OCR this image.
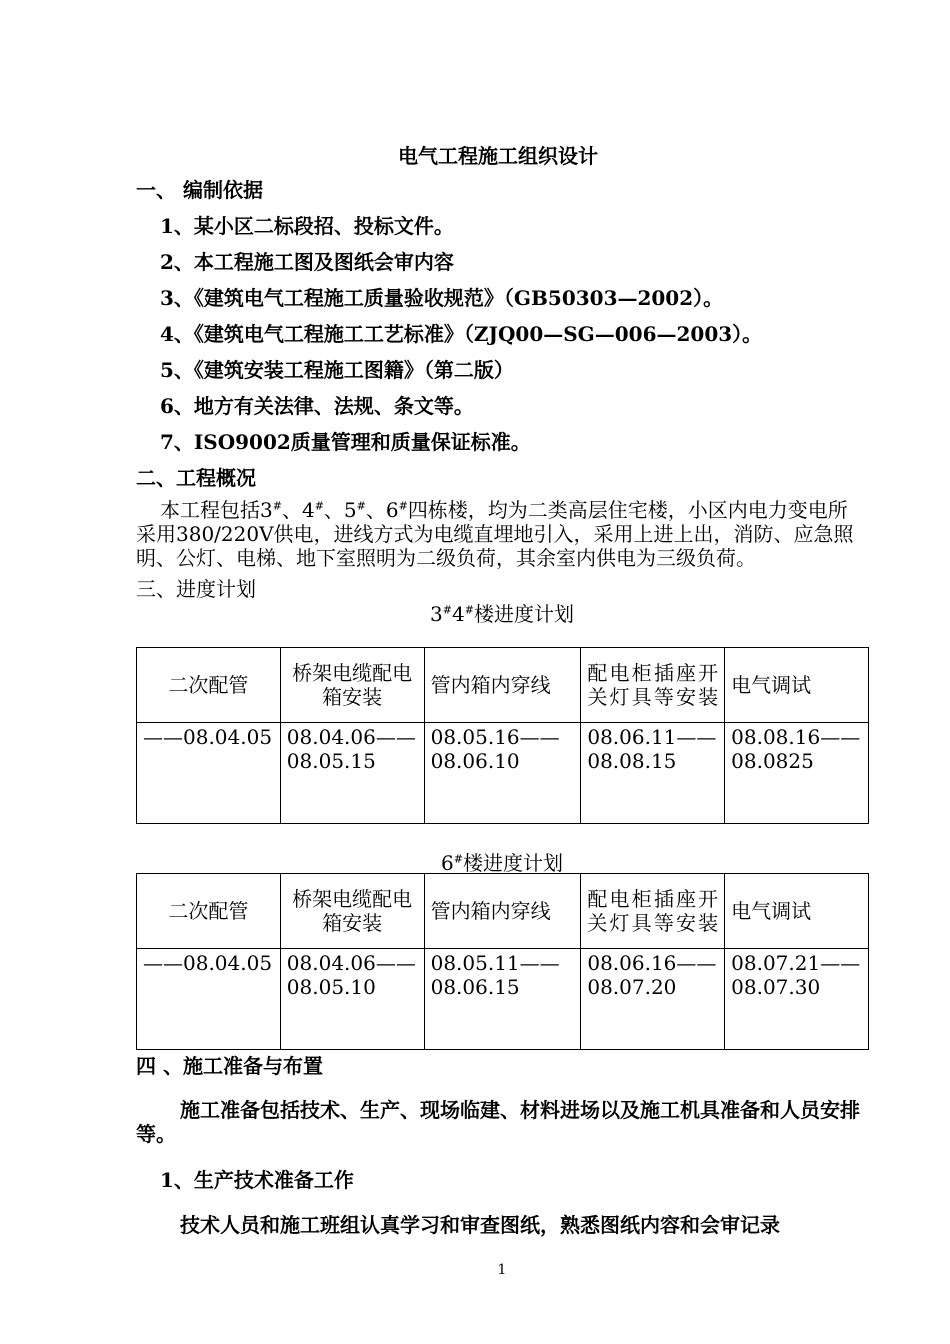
电气工程施工组织设计
一、 编制依据
1、某小区二标段招、投标文件。
2、本工程施工图及图纸会审内容
3、《建筑电气工程施工质量验收规范》（GB50303—2002）。
4、《建筑电气工程施工工艺标准》（ZJQ00—SG—006—2003）。
5、《建筑安装工程施工图籍》（第二版）
6、地方有关法律、法规、条文等。
7、ISO9002质量管理和质量保证标准。
二、工程概况
本工程包括3#、4#、5#、6#四栋楼，均为二类高层住宅楼，小区内电力变电所采用380/220V供电，进线方式为电缆直埋地引入，采用上进上出，消防、应急照明、公灯、电梯、地下室照明为二级负荷，其余室内供电为三级负荷。
三、进度计划
3#4#楼进度计划
二次配管	桥架电缆配电箱安装	管内箱内穿线	配电柜插座开关灯具等安装	电气调试
——08.04.05	08.04.06——08.05.15	08.05.16——08.06.10	08.06.11——08.08.15	08.08.16——08.0825
6#楼进度计划
二次配管	桥架电缆配电箱安装	管内箱内穿线	配电柜插座开关灯具等安装	电气调试
——08.04.05	08.04.06——08.05.10	08.05.11——08.06.15	08.06.16——08.07.20	08.07.21——08.07.30
四 、施工准备与布置
施工准备包括技术、生产、现场临建、材料进场以及施工机具准备和人员安排等。
1、生产技术准备工作
技术人员和施工班组认真学习和审查图纸，熟悉图纸内容和会审记录
1
